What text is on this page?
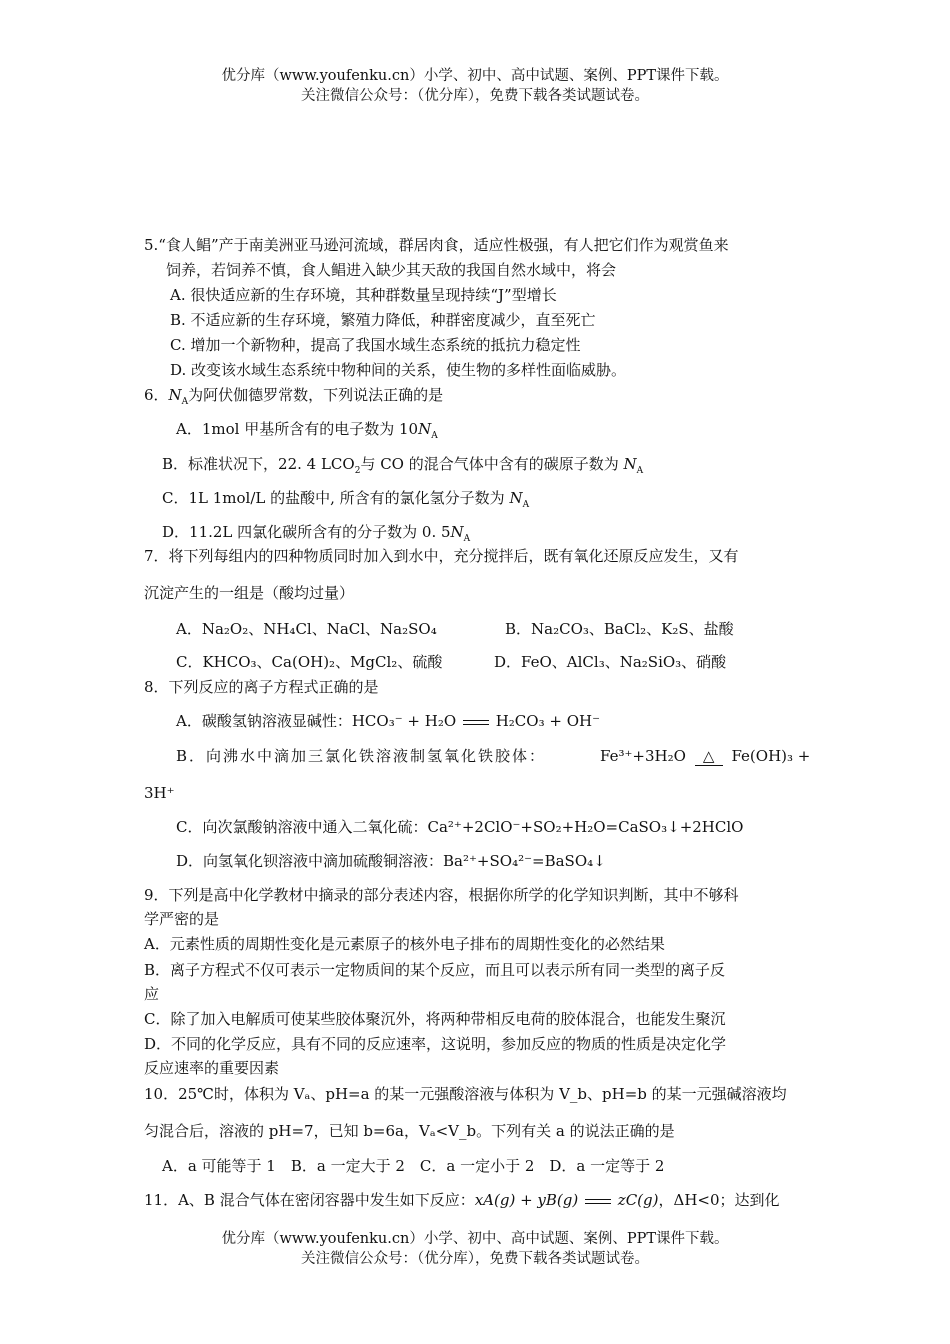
优分库（www.youfenku.cn）小学、初中、高中试题、案例、PPT课件下载。
关注微信公众号：（优分库），免费下载各类试题试卷。
5.“食人鲳”产于南美洲亚马逊河流域，群居肉食，适应性极强，有人把它们作为观赏鱼来
饲养，若饲养不慎，食人鲳进入缺少其天敌的我国自然水域中，将会
A. 很快适应新的生存环境，其种群数量呈现持续“J”型增长
B. 不适应新的生存环境，繁殖力降低，种群密度减少，直至死亡
C. 增加一个新物种，提高了我国水域生态系统的抵抗力稳定性
D. 改变该水域生态系统中物种间的关系，使生物的多样性面临威胁。
6．$N_A$为阿伏伽德罗常数，下列说法正确的是
A．1mol 甲基所含有的电子数为 $10N_A$
B．标准状况下，22. 4 $LCO_2$与 CO 的混合气体中含有的碳原子数为 $N_A$
C．1L 1mol/L 的盐酸中, 所含有的氯化氢分子数为 $N_A$
D．11.2L 四氯化碳所含有的分子数为 0. $5N_A$
7．将下列每组内的四种物质同时加入到水中，充分搅拌后，既有氧化还原反应发生，又有
沉淀产生的一组是（酸均过量）
A．Na₂O₂、NH₄Cl、NaCl、Na₂SO₄	B．Na₂CO₃、BaCl₂、K₂S、盐酸
C．KHCO₃、Ca(OH)₂、MgCl₂、硫酸	D．FeO、AlCl₃、Na₂SiO₃、硝酸
8．下列反应的离子方程式正确的是
A．碳酸氢钠溶液显碱性：HCO₃⁻ + H₂O	H₂CO₃ + OH⁻
B．向沸水中滴加三氯化铁溶液制氢氧化铁胶体：	Fe³⁺+3H₂O △ Fe(OH)₃ +
3H⁺
C．向次氯酸钠溶液中通入二氧化硫：Ca²⁺+2ClO⁻+SO₂+H₂O=CaSO₃↓+2HClO
D．向氢氧化钡溶液中滴加硫酸铜溶液：Ba²⁺+SO₄²⁻=BaSO₄↓
9．下列是高中化学教材中摘录的部分表述内容，根据你所学的化学知识判断，其中不够科
学严密的是
A．元素性质的周期性变化是元素原子的核外电子排布的周期性变化的必然结果
B．离子方程式不仅可表示一定物质间的某个反应，而且可以表示所有同一类型的离子反
应
C．除了加入电解质可使某些胶体聚沉外，将两种带相反电荷的胶体混合，也能发生聚沉
D．不同的化学反应，具有不同的反应速率，这说明，参加反应的物质的性质是决定化学
反应速率的重要因素
10．25℃时，体积为 Vₐ、pH=a 的某一元强酸溶液与体积为 V_b、pH=b 的某一元强碱溶液均
匀混合后，溶液的 pH=7，已知 b=6a，Vₐ<V_b。下列有关 a 的说法正确的是
A．a 可能等于 1　B．a 一定大于 2　C．a 一定小于 2　D．a 一定等于 2
11．A、B 混合气体在密闭容器中发生如下反应：xA(g) + yB(g)	zC(g)，ΔH<0；达到化
优分库（www.youfenku.cn）小学、初中、高中试题、案例、PPT课件下载。
关注微信公众号：（优分库），免费下载各类试题试卷。
